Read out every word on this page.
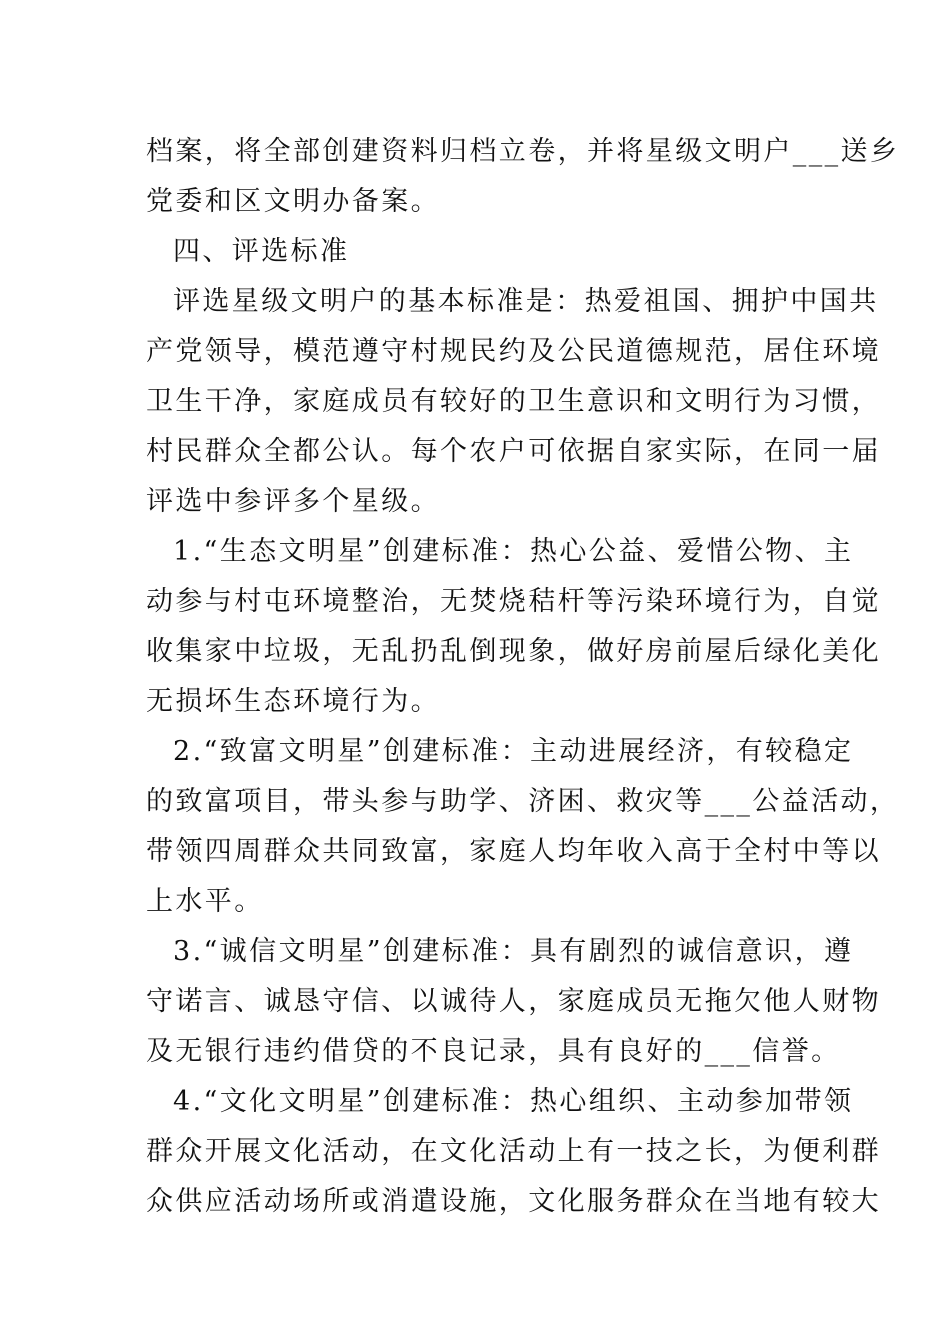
档案，将全部创建资料归档立卷，并将星级文明户___送乡
党委和区文明办备案。
四、评选标准
评选星级文明户的基本标准是：热爱祖国、拥护中国共
产党领导，模范遵守村规民约及公民道德规范，居住环境
卫生干净，家庭成员有较好的卫生意识和文明行为习惯，
村民群众全都公认。每个农户可依据自家实际，在同一届
评选中参评多个星级。
1.“生态文明星”创建标准：热心公益、爱惜公物、主
动参与村屯环境整治，无焚烧秸杆等污染环境行为，自觉
收集家中垃圾，无乱扔乱倒现象，做好房前屋后绿化美化
无损坏生态环境行为。
2.“致富文明星”创建标准：主动进展经济，有较稳定
的致富项目，带头参与助学、济困、救灾等___公益活动，
带领四周群众共同致富，家庭人均年收入高于全村中等以
上水平。
3.“诚信文明星”创建标准：具有剧烈的诚信意识，遵
守诺言、诚恳守信、以诚待人，家庭成员无拖欠他人财物
及无银行违约借贷的不良记录，具有良好的___信誉。
4.“文化文明星”创建标准：热心组织、主动参加带领
群众开展文化活动，在文化活动上有一技之长，为便利群
众供应活动场所或消遣设施，文化服务群众在当地有较大
